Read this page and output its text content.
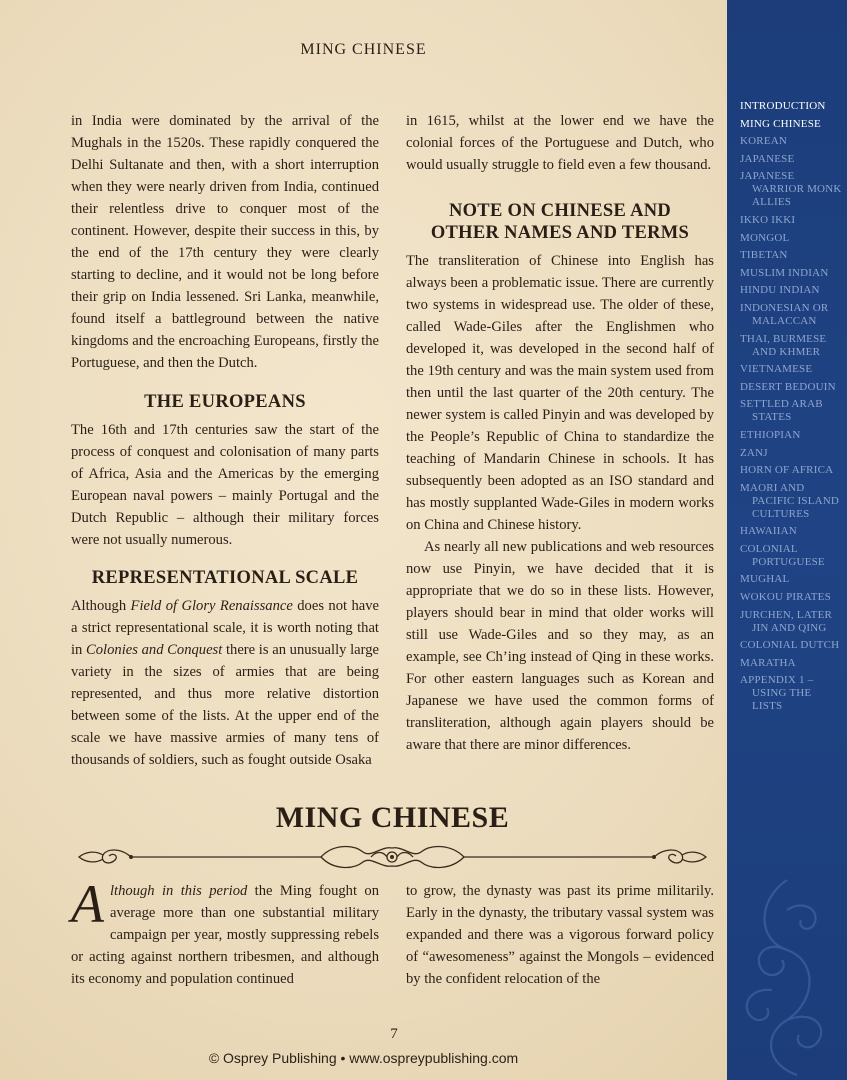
MING CHINESE

in India were dominated by the arrival of the Mughals in the 1520s. These rapidly conquered the Delhi Sultanate and then, with a short interruption when they were nearly driven from India, continued their relentless drive to conquer most of the continent. However, despite their success in this, by the end of the 17th century they were clearly starting to decline, and it would not be long before their grip on India lessened. Sri Lanka, meanwhile, found itself a battleground between the native kingdoms and the encroaching Europeans, firstly the Portuguese, and then the Dutch.

THE EUROPEANS

The 16th and 17th centuries saw the start of the process of conquest and colonisation of many parts of Africa, Asia and the Americas by the emerging European naval powers – mainly Portugal and the Dutch Republic – although their military forces were not usually numerous.

REPRESENTATIONAL SCALE

Although Field of Glory Renaissance does not have a strict representational scale, it is worth noting that in Colonies and Conquest there is an unusually large variety in the sizes of armies that are being represented, and thus more relative distortion between some of the lists. At the upper end of the scale we have massive armies of many tens of thousands of soldiers, such as fought outside Osaka

in 1615, whilst at the lower end we have the colonial forces of the Portuguese and Dutch, who would usually struggle to field even a few thousand.

NOTE ON CHINESE AND
OTHER NAMES AND TERMS

The transliteration of Chinese into English has always been a problematic issue. There are currently two systems in widespread use. The older of these, called Wade-Giles after the Englishmen who developed it, was developed in the second half of the 19th century and was the main system used from then until the last quarter of the 20th century. The newer system is called Pinyin and was developed by the People’s Republic of China to standardize the teaching of Mandarin Chinese in schools. It has subsequently been adopted as an ISO standard and has mostly supplanted Wade-Giles in modern works on China and Chinese history.

As nearly all new publications and web resources now use Pinyin, we have decided that it is appropriate that we do so in these lists. However, players should bear in mind that older works will still use Wade-Giles and so they may, as an example, see Ch’ing instead of Qing in these works. For other eastern languages such as Korean and Japanese we have used the common forms of transliteration, although again players should be aware that there are minor differences.

MING CHINESE

Although in this period the Ming fought on average more than one substantial military campaign per year, mostly suppressing rebels or acting against northern tribesmen, and although its economy and population continued

to grow, the dynasty was past its prime militarily. Early in the dynasty, the tributary vassal system was expanded and there was a vigorous forward policy of “awesomeness” against the Mongols – evidenced by the confident relocation of the

7
© Osprey Publishing • www.ospreypublishing.com
INTRODUCTION
MING CHINESE
KOREAN
JAPANESE
JAPANESE
WARRIOR MONK ALLIES
IKKO IKKI
MONGOL
TIBETAN
MUSLIM INDIAN
HINDU INDIAN
INDONESIAN OR
MALACCAN
THAI, BURMESE
AND KHMER
VIETNAMESE
DESERT BEDOUIN
SETTLED ARAB
STATES
ETHIOPIAN
ZANJ
HORN OF AFRICA
MAORI AND
PACIFIC ISLAND CULTURES
HAWAIIAN
COLONIAL
PORTUGUESE
MUGHAL
WOKOU PIRATES
JURCHEN, LATER
JIN AND QING
COLONIAL DUTCH
MARATHA
APPENDIX 1 –
USING THE LISTS
